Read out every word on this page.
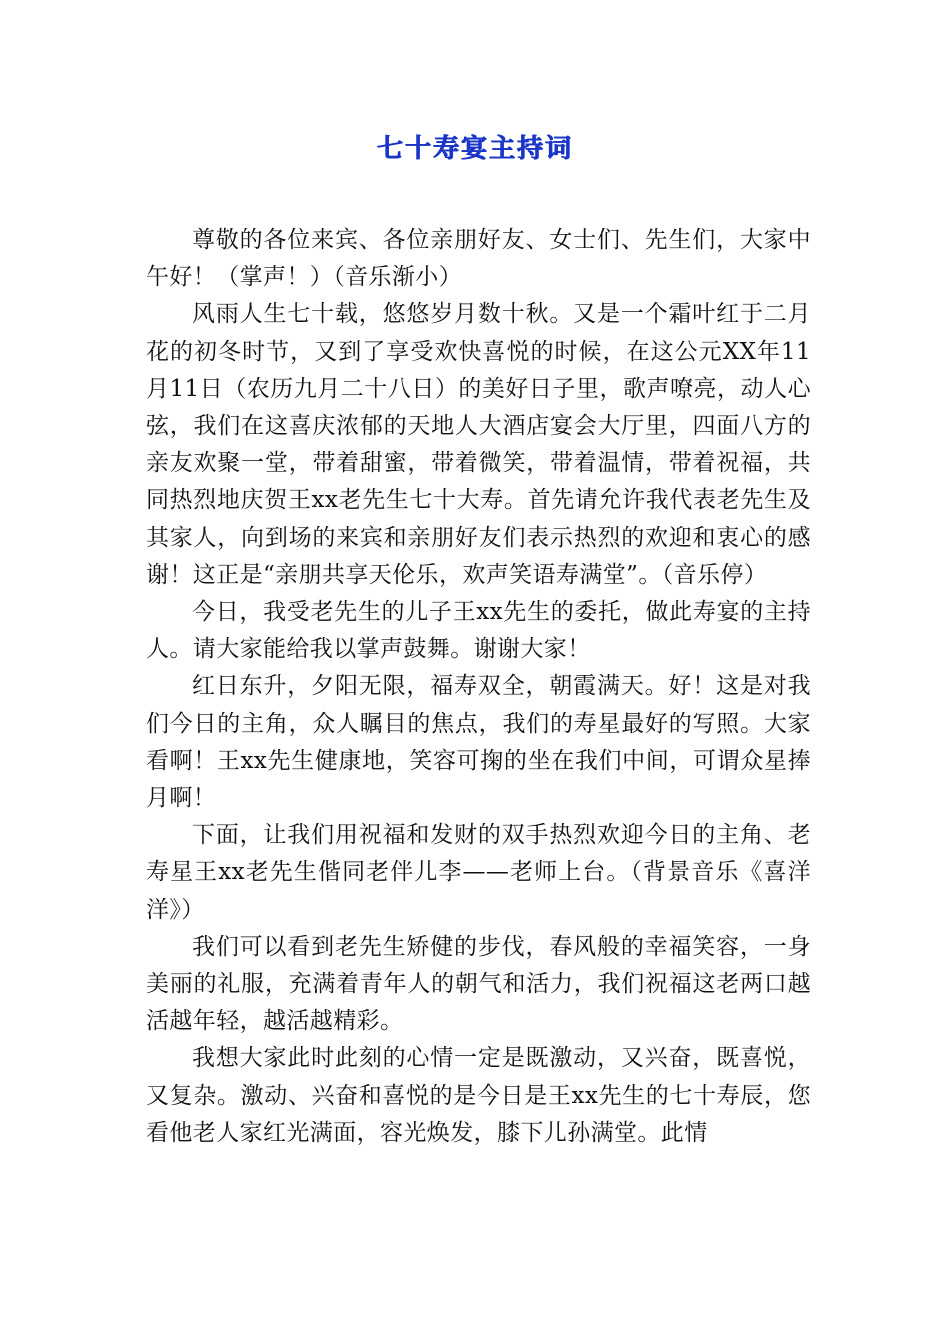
七十寿宴主持词

尊敬的各位来宾、各位亲朋好友、女士们、先生们，大家中午好！（掌声！）（音乐渐小）

风雨人生七十载，悠悠岁月数十秋。又是一个霜叶红于二月花的初冬时节，又到了享受欢快喜悦的时候，在这公元XX年11月11日（农历九月二十八日）的美好日子里，歌声嘹亮，动人心弦，我们在这喜庆浓郁的天地人大酒店宴会大厅里，四面八方的亲友欢聚一堂，带着甜蜜，带着微笑，带着温情，带着祝福，共同热烈地庆贺王xx老先生七十大寿。首先请允许我代表老先生及其家人，向到场的来宾和亲朋好友们表示热烈的欢迎和衷心的感谢！这正是“亲朋共享天伦乐，欢声笑语寿满堂”。（音乐停）

今日，我受老先生的儿子王xx先生的委托，做此寿宴的主持人。请大家能给我以掌声鼓舞。谢谢大家！

红日东升，夕阳无限，福寿双全，朝霞满天。好！这是对我们今日的主角，众人瞩目的焦点，我们的寿星最好的写照。大家看啊！王xx先生健康地，笑容可掬的坐在我们中间，可谓众星捧月啊！

下面，让我们用祝福和发财的双手热烈欢迎今日的主角、老寿星王xx老先生偕同老伴儿李——老师上台。（背景音乐《喜洋洋》）

我们可以看到老先生矫健的步伐，春风般的幸福笑容，一身美丽的礼服，充满着青年人的朝气和活力，我们祝福这老两口越活越年轻，越活越精彩。

我想大家此时此刻的心情一定是既激动，又兴奋，既喜悦，又复杂。激动、兴奋和喜悦的是今日是王xx先生的七十寿辰，您看他老人家红光满面，容光焕发，膝下儿孙满堂。此情
